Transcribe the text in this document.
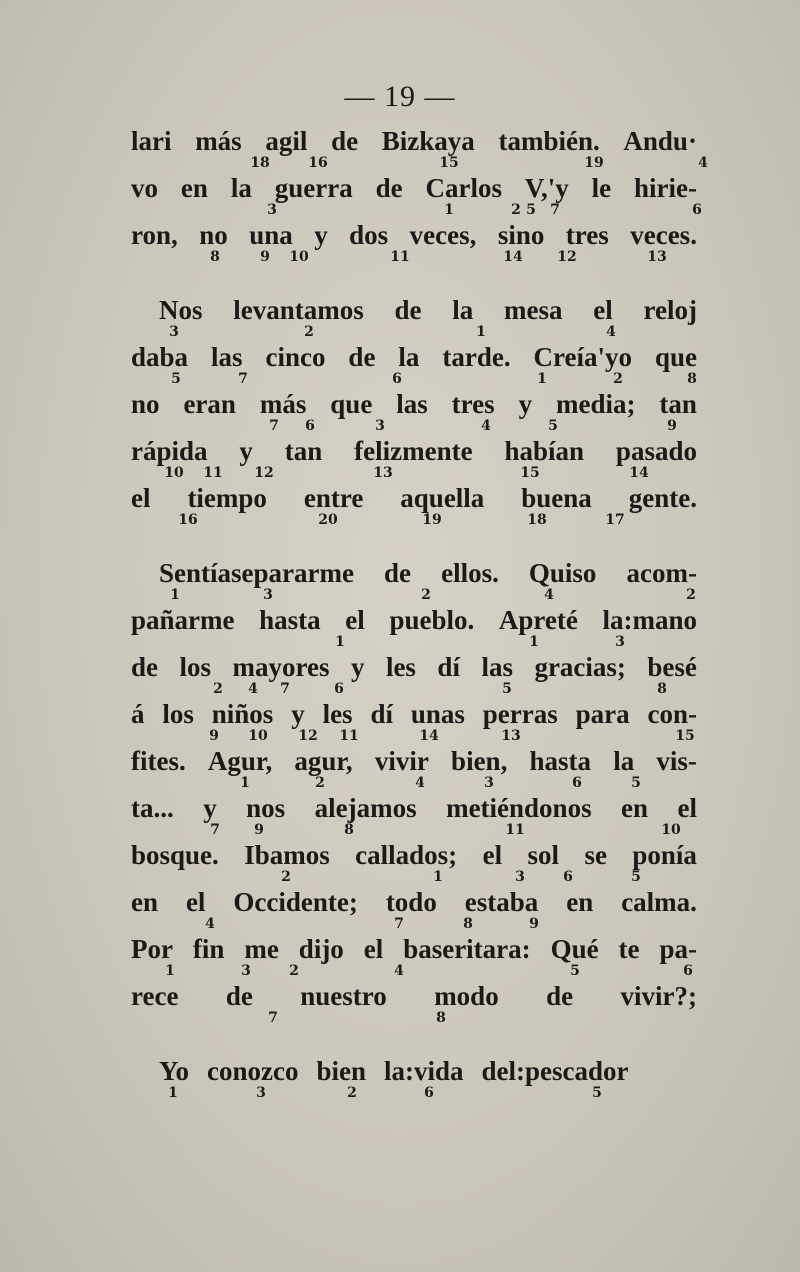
— 19 —
lari más agil de Bizkaya también. Andu·
18	16	15	19	4
vo en la guerra de Carlos V,'y le hirie-
3	1	2 5 7	6
ron, no una y dos veces, sino tres veces.
8	9 10	11	14 12	13
Nos levantamos de la mesa el reloj
3	2	1	4
daba las cinco de la tarde. Creía'yo que
5	7	6	1	2	8
no eran más que las tres y media; tan
7 6	3	4	5	9
rápida y tan felizmente habían pasado
10 11 12	13	15	14
el tiempo entre aquella buena gente.
16	20	19	18	17
Sentíasepararme de ellos. Quiso acom-
1	3	2	4	2
pañarme hasta el pueblo. Apreté la:mano
1	1	3
de los mayores y les dí las gracias; besé
2 4 7	6	5	8
á los niños y les dí unas perras para con-
9 10 12 11	14	13	15
fites. Agur, agur, vivir bien, hasta la vis-
1	2	4	3	6	5
ta... y nos alejamos metiéndonos en el
7 9	8	11	10
bosque. Ibamos callados; el sol se ponía
2	1	3	6	5
en el Occidente; todo estaba en calma.
4	7	8	9
Por fin me dijo el baseritara: Qué te pa-
1	3	2	4	5	6
rece de nuestro modo de vivir?;
7	8
Yo conozco bien la:vida del:pescador
1	3	2	6	5
